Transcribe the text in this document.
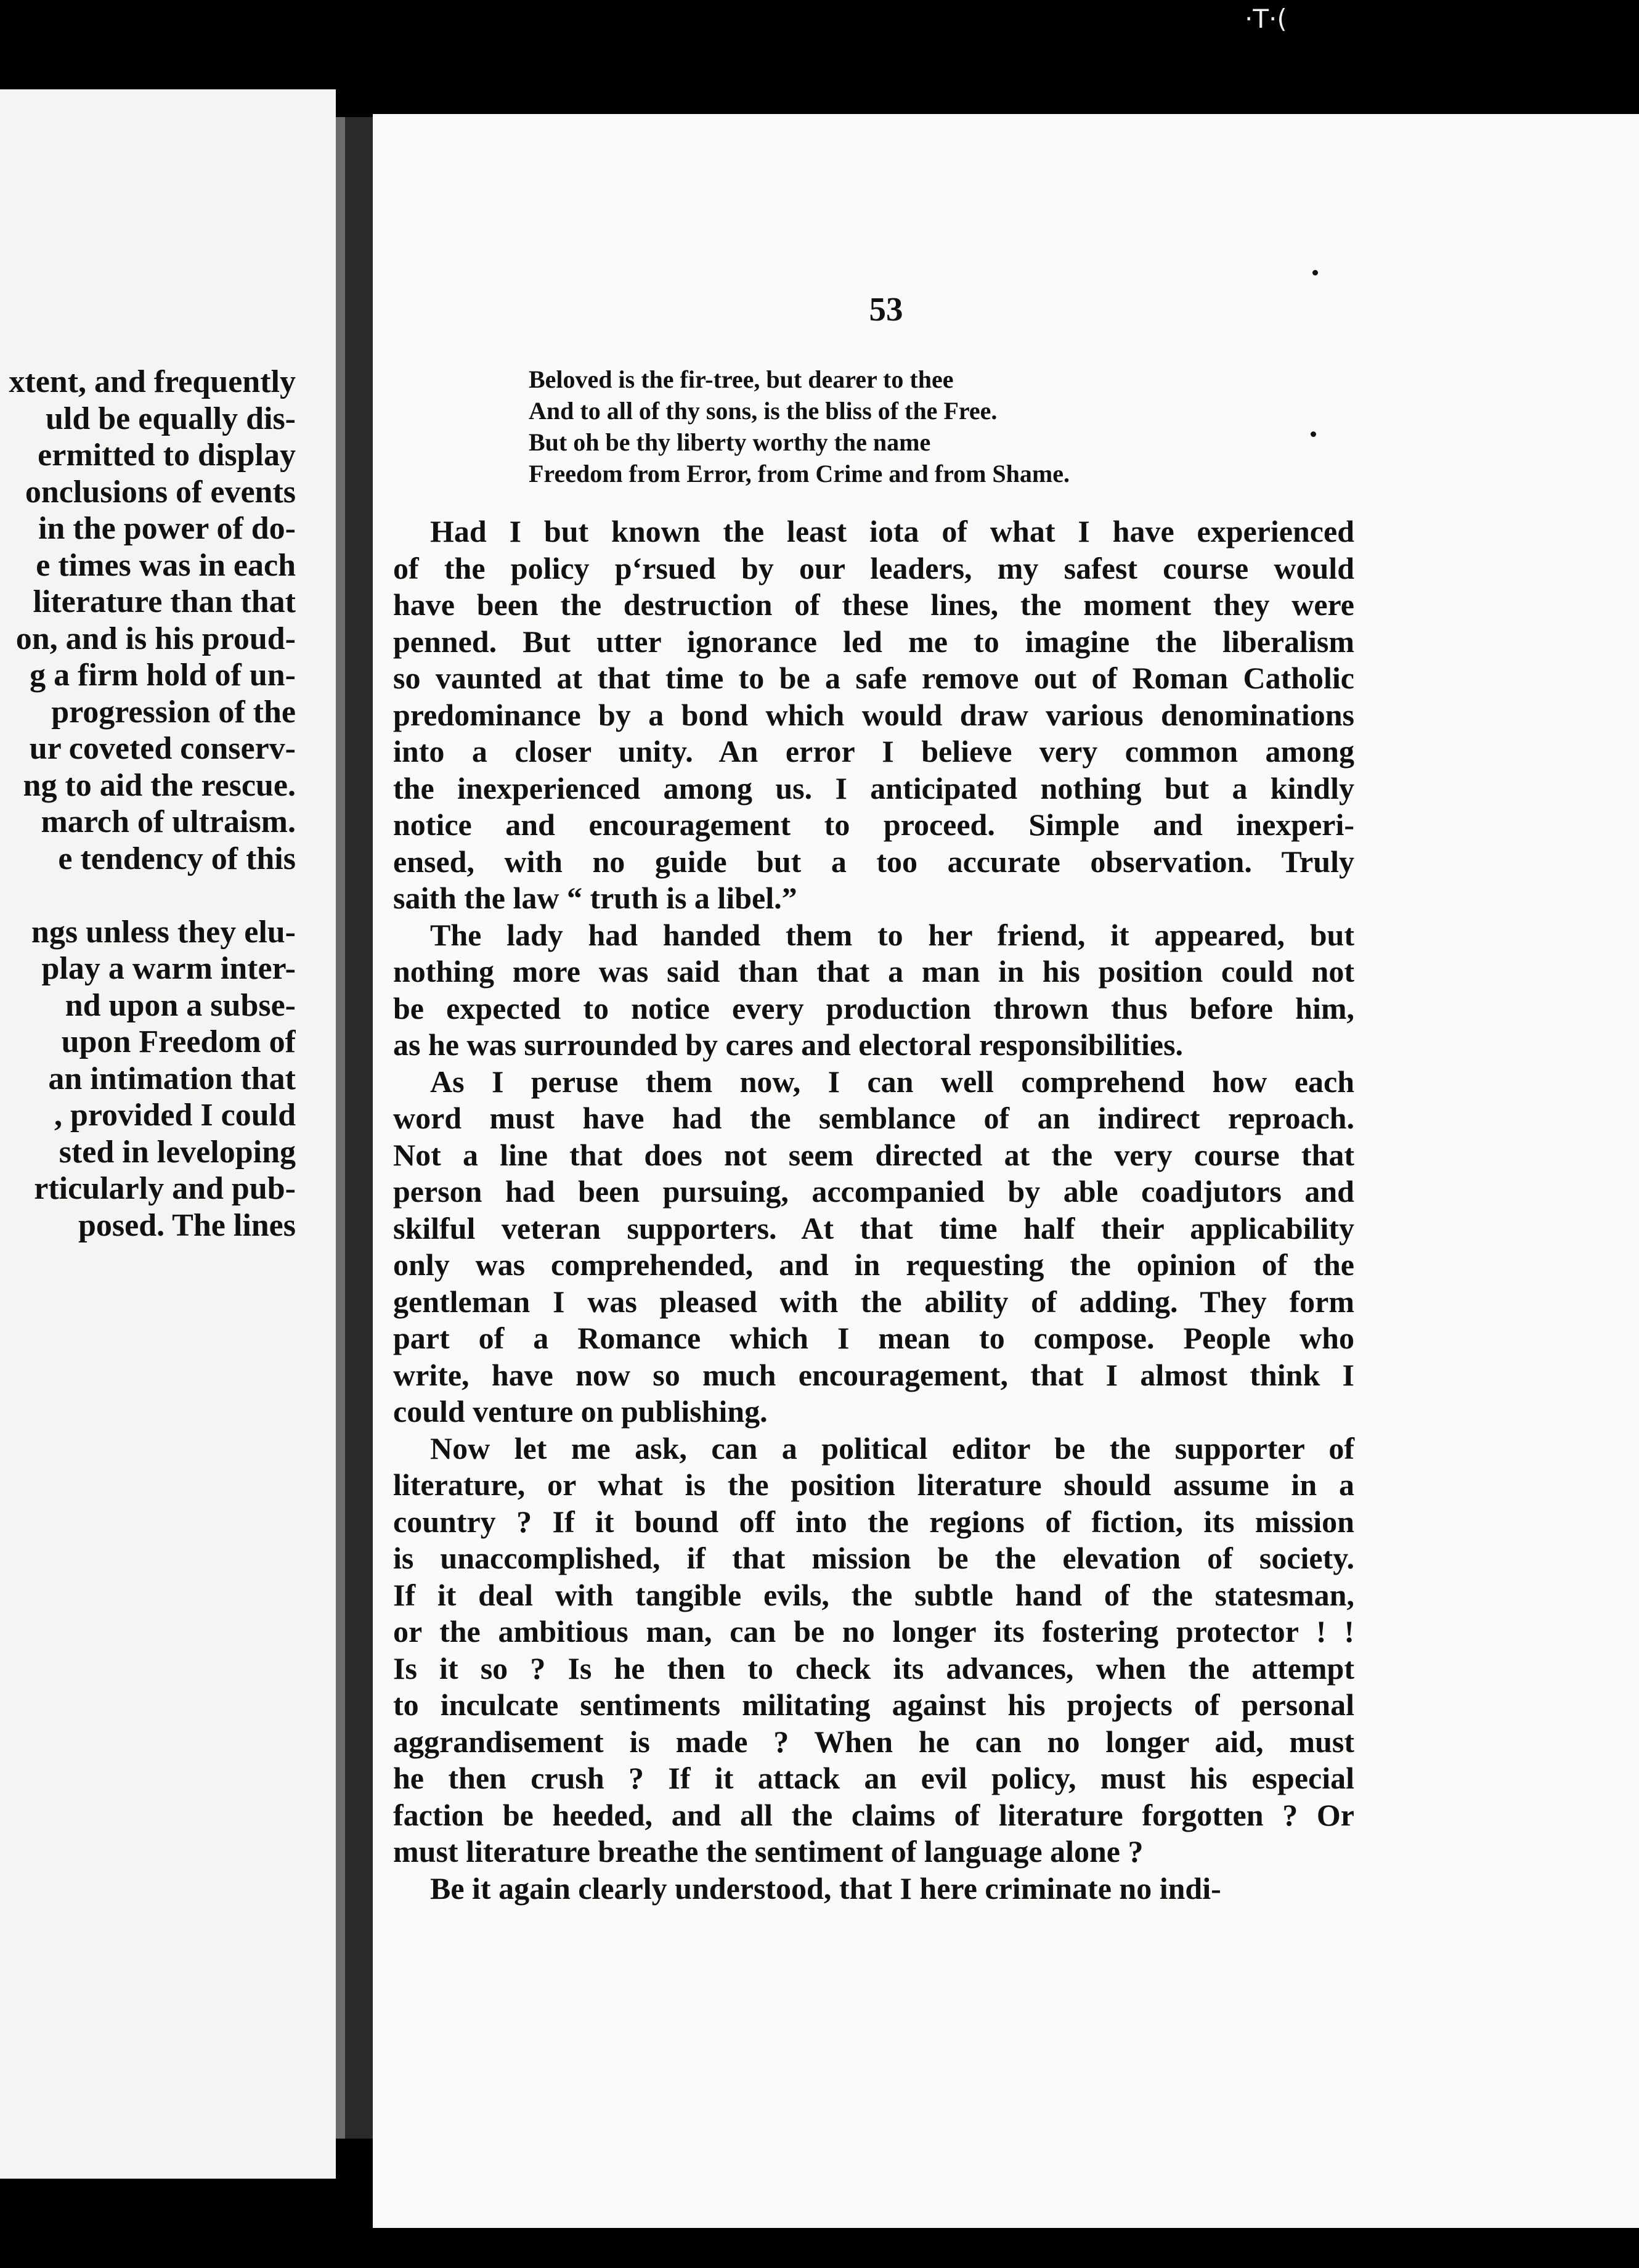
·T·(
xtent, and frequently
uld be equally dis-
ermitted to display
onclusions of events
in the power of do-
e times was in each
literature than that
on, and is his proud-
g a firm hold of un-
progression of the
ur coveted conserv-
ng to aid the rescue.
march of ultraism.
e tendency of this
ngs unless they elu-
play a warm inter-
nd upon a subse-
upon Freedom of
an intimation that
, provided I could
sted in leveloping
rticularly and pub-
posed. The lines
53
Beloved is the fir-tree, but dearer to thee
And to all of thy sons, is the bliss of the Free.
But oh be thy liberty worthy the name
Freedom from Error, from Crime and from Shame.
Had I but known the least iota of what I have experienced
of the policy pʻrsued by our leaders, my safest course would
have been the destruction of these lines, the moment they were
penned. But utter ignorance led me to imagine the liberalism
so vaunted at that time to be a safe remove out of Roman Catholic
predominance by a bond which would draw various denominations
into a closer unity. An error I believe very common among
the inexperienced among us. I anticipated nothing but a kindly
notice and encouragement to proceed. Simple and inexperi-
ensed, with no guide but a too accurate observation. Truly
saith the law “ truth is a libel.”
The lady had handed them to her friend, it appeared, but
nothing more was said than that a man in his position could not
be expected to notice every production thrown thus before him,
as he was surrounded by cares and electoral responsibilities.
As I peruse them now, I can well comprehend how each
word must have had the semblance of an indirect reproach.
Not a line that does not seem directed at the very course that
person had been pursuing, accompanied by able coadjutors and
skilful veteran supporters. At that time half their applicability
only was comprehended, and in requesting the opinion of the
gentleman I was pleased with the ability of adding. They form
part of a Romance which I mean to compose. People who
write, have now so much encouragement, that I almost think I
could venture on publishing.
Now let me ask, can a political editor be the supporter of
literature, or what is the position literature should assume in a
country ? If it bound off into the regions of fiction, its mission
is unaccomplished, if that mission be the elevation of society.
If it deal with tangible evils, the subtle hand of the statesman,
or the ambitious man, can be no longer its fostering protector ! !
Is it so ? Is he then to check its advances, when the attempt
to inculcate sentiments militating against his projects of personal
aggrandisement is made ? When he can no longer aid, must
he then crush ? If it attack an evil policy, must his especial
faction be heeded, and all the claims of literature forgotten ? Or
must literature breathe the sentiment of language alone ?
Be it again clearly understood, that I here criminate no indi-
